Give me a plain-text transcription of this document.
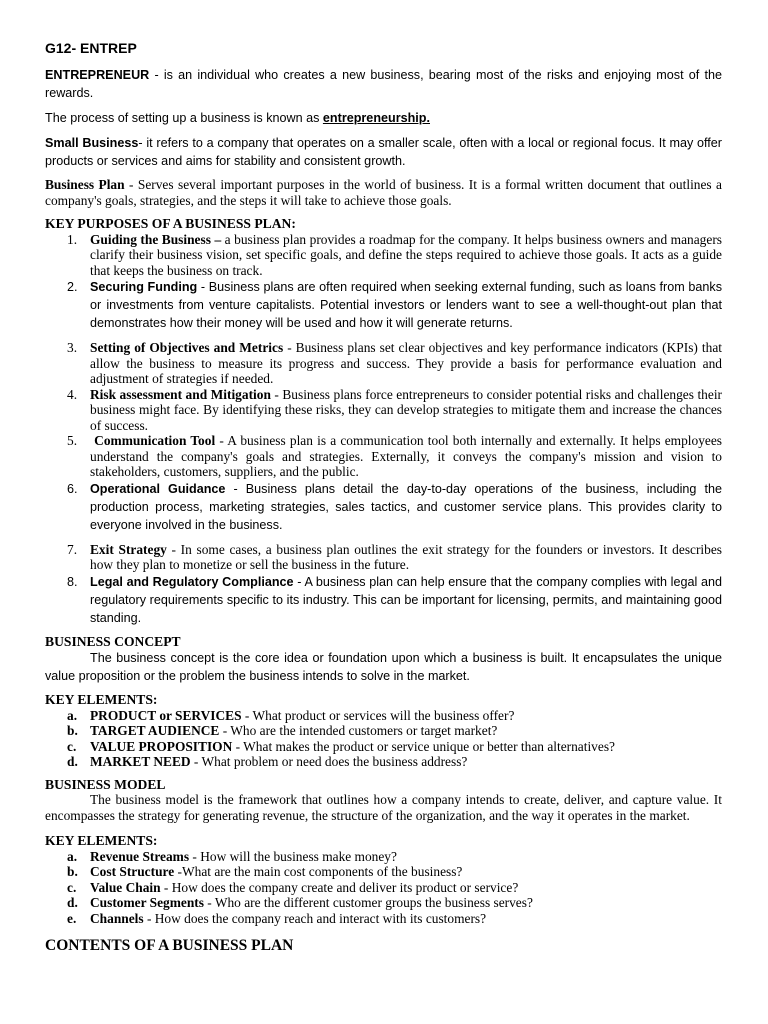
G12- ENTREP

ENTREPRENEUR - is an individual who creates a new business, bearing most of the risks and enjoying most of the rewards.

The process of setting up a business is known as entrepreneurship.

Small Business- it refers to a company that operates on a smaller scale, often with a local or regional focus. It may offer products or services and aims for stability and consistent growth.

Business Plan - Serves several important purposes in the world of business. It is a formal written document that outlines a company's goals, strategies, and the steps it will take to achieve those goals.

KEY PURPOSES OF A BUSINESS PLAN:

1. Guiding the Business – a business plan provides a roadmap for the company. It helps business owners and managers clarify their business vision, set specific goals, and define the steps required to achieve those goals. It acts as a guide that keeps the business on track.
2. Securing Funding - Business plans are often required when seeking external funding, such as loans from banks or investments from venture capitalists. Potential investors or lenders want to see a well-thought-out plan that demonstrates how their money will be used and how it will generate returns.
3. Setting of Objectives and Metrics - Business plans set clear objectives and key performance indicators (KPIs) that allow the business to measure its progress and success. They provide a basis for performance evaluation and adjustment of strategies if needed.
4. Risk assessment and Mitigation - Business plans force entrepreneurs to consider potential risks and challenges their business might face. By identifying these risks, they can develop strategies to mitigate them and increase the chances of success.
5. Communication Tool - A business plan is a communication tool both internally and externally. It helps employees understand the company's goals and strategies. Externally, it conveys the company's mission and vision to stakeholders, customers, suppliers, and the public.
6. Operational Guidance - Business plans detail the day-to-day operations of the business, including the production process, marketing strategies, sales tactics, and customer service plans. This provides clarity to everyone involved in the business.
7. Exit Strategy - In some cases, a business plan outlines the exit strategy for the founders or investors. It describes how they plan to monetize or sell the business in the future.
8. Legal and Regulatory Compliance - A business plan can help ensure that the company complies with legal and regulatory requirements specific to its industry. This can be important for licensing, permits, and maintaining good standing.

BUSINESS CONCEPT

The business concept is the core idea or foundation upon which a business is built. It encapsulates the unique value proposition or the problem the business intends to solve in the market.

KEY ELEMENTS:

a. PRODUCT or SERVICES - What product or services will the business offer?
b. TARGET AUDIENCE - Who are the intended customers or target market?
c. VALUE PROPOSITION - What makes the product or service unique or better than alternatives?
d. MARKET NEED - What problem or need does the business address?

BUSINESS MODEL

The business model is the framework that outlines how a company intends to create, deliver, and capture value. It encompasses the strategy for generating revenue, the structure of the organization, and the way it operates in the market.

KEY ELEMENTS:

a. Revenue Streams - How will the business make money?
b. Cost Structure -What are the main cost components of the business?
c. Value Chain - How does the company create and deliver its product or service?
d. Customer Segments - Who are the different customer groups the business serves?
e. Channels - How does the company reach and interact with its customers?

CONTENTS OF A BUSINESS PLAN
